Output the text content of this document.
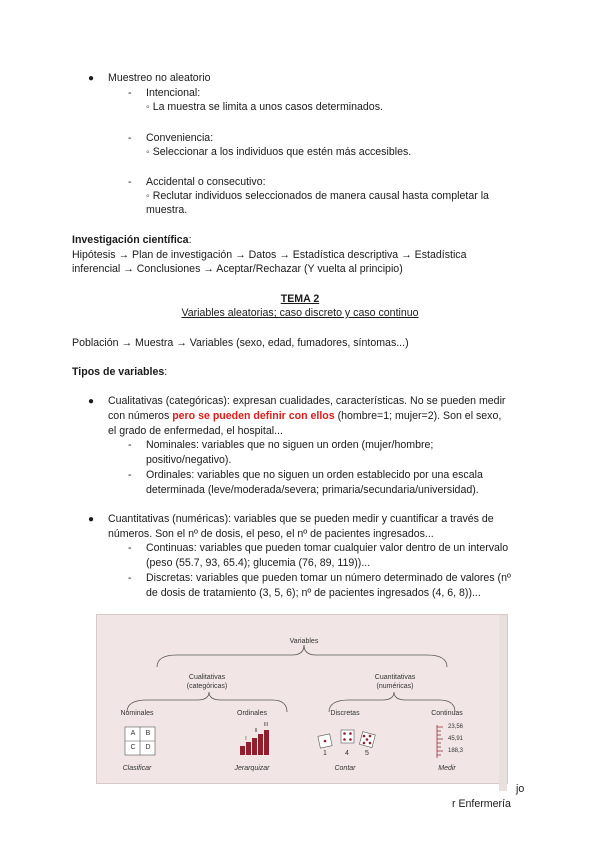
● Muestreo no aleatorio
- Intencional:
◦ La muestra se limita a unos casos determinados.
- Conveniencia:
◦ Seleccionar a los individuos que estén más accesibles.
- Accidental o consecutivo:
◦ Reclutar individuos seleccionados de manera causal hasta completar la
muestra.
Investigación científica:
Hipótesis → Plan de investigación → Datos → Estadística descriptiva → Estadística
inferencial → Conclusiones → Aceptar/Rechazar (Y vuelta al principio)
TEMA 2
Variables aleatorias; caso discreto y caso continuo
Población → Muestra → Variables (sexo, edad, fumadores, síntomas...)
Tipos de variables:
● Cualitativas (categóricas): expresan cualidades, características. No se pueden medir
con números pero se pueden definir con ellos (hombre=1; mujer=2). Son el sexo,
el grado de enfermedad, el hospital...
- Nominales: variables que no siguen un orden (mujer/hombre;
positivo/negativo).
- Ordinales: variables que no siguen un orden establecido por una escala
determinada (leve/moderada/severa; primaria/secundaria/universidad).
● Cuantitativas (numéricas): variables que se pueden medir y cuantificar a través de
números. Son el nº de dosis, el peso, el nº de pacientes ingresados...
- Continuas: variables que pueden tomar cualquier valor dentro de un intervalo
(peso (55.7, 93, 65.4); glucemia (76, 89, 119))...
- Discretas: variables que pueden tomar un número determinado de valores (nº
de dosis de tratamiento (3, 5, 6); nº de pacientes ingresados (4, 6, 8))...
Variables
Cualitativas
(categóricas)
Cuantitativas
(numéricas)
Nominales	Ordinales	Discretas	Continuas
A	B
C	D
I
II
III
1	4	5
23,56
45,91
188,3
Clasificar	Jerarquizar	Contar	Medir
jo
r Enfermería
